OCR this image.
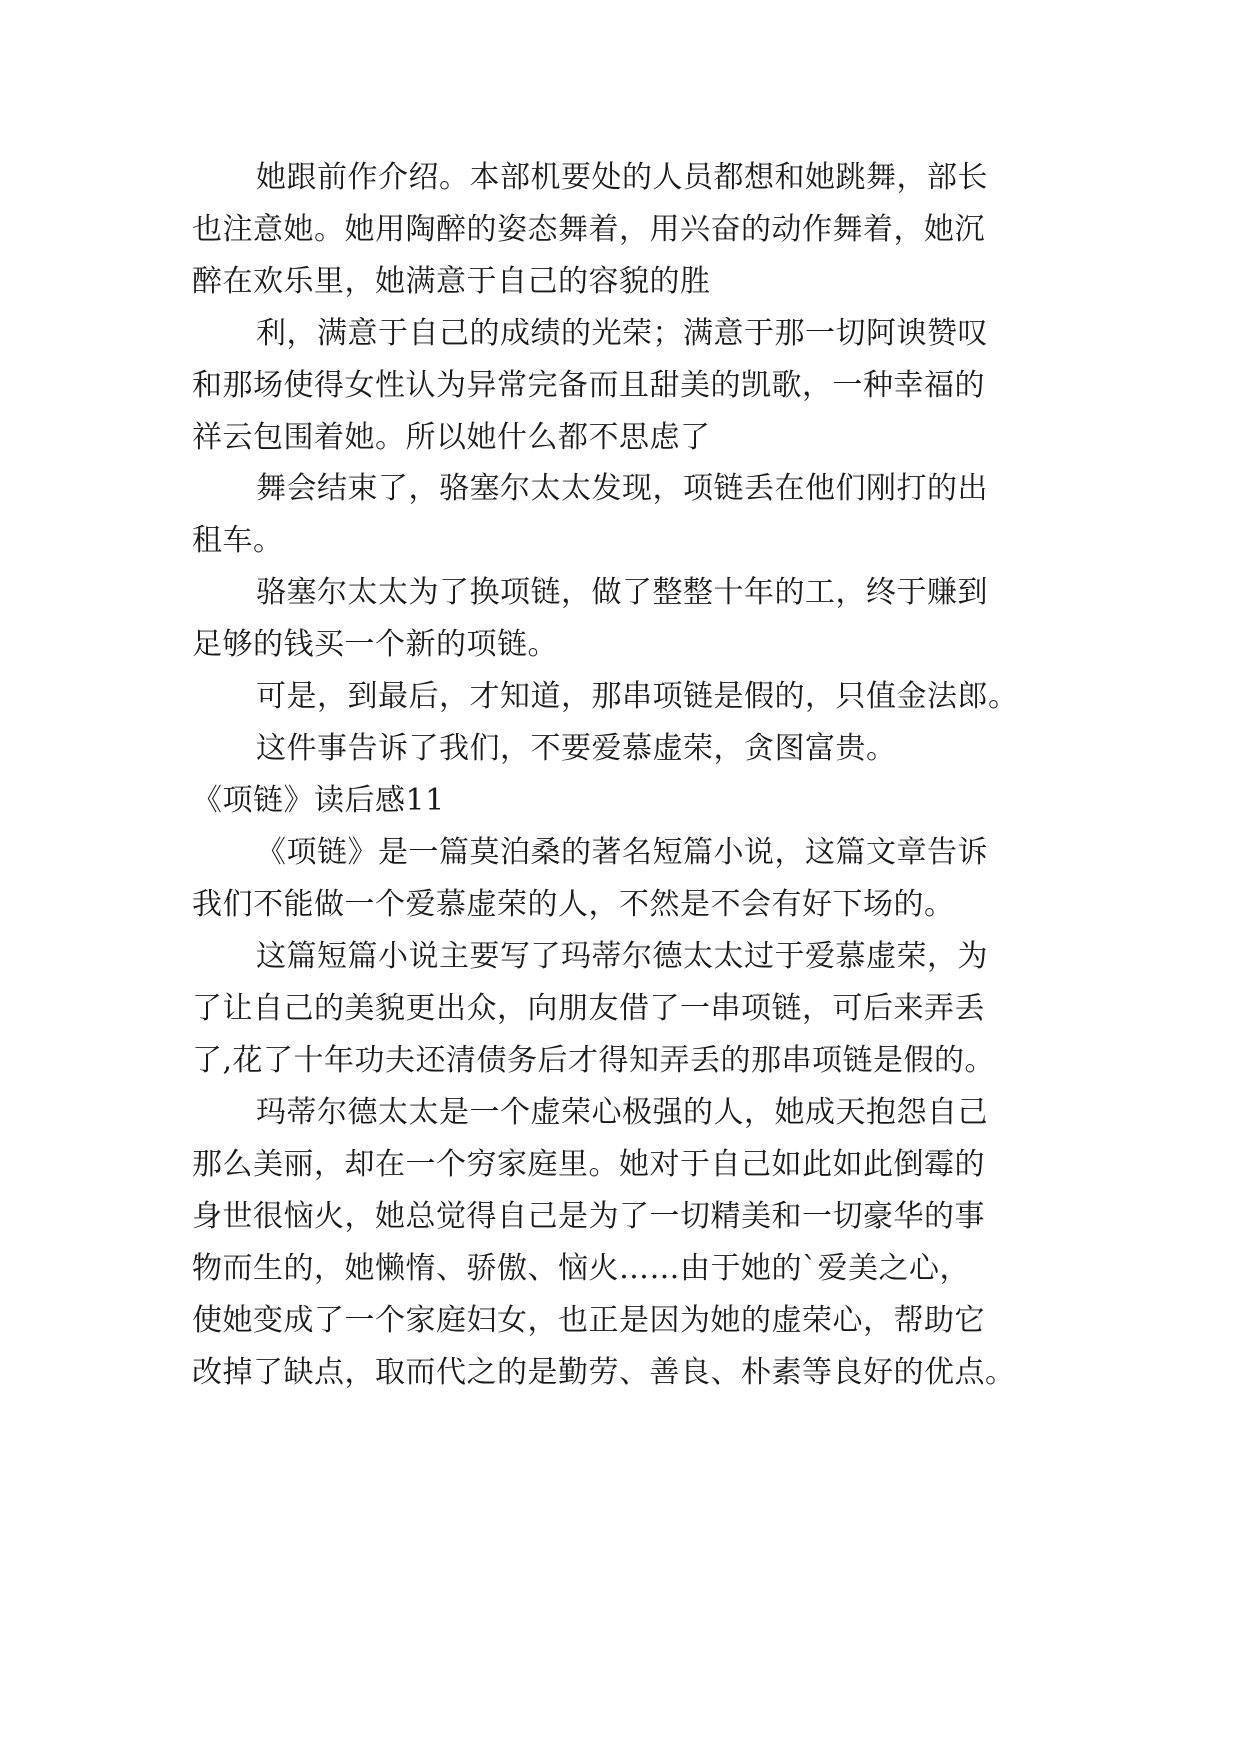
她跟前作介绍。本部机要处的人员都想和她跳舞，部长
也注意她。她用陶醉的姿态舞着，用兴奋的动作舞着，她沉
醉在欢乐里，她满意于自己的容貌的胜
利，满意于自己的成绩的光荣；满意于那一切阿谀赞叹
和那场使得女性认为异常完备而且甜美的凯歌，一种幸福的
祥云包围着她。所以她什么都不思虑了
舞会结束了，骆塞尔太太发现，项链丢在他们刚打的出
租车。
骆塞尔太太为了换项链，做了整整十年的工，终于赚到
足够的钱买一个新的项链。
可是，到最后，才知道，那串项链是假的，只值金法郎。
这件事告诉了我们，不要爱慕虚荣，贪图富贵。
《项链》读后感11
《项链》是一篇莫泊桑的著名短篇小说，这篇文章告诉
我们不能做一个爱慕虚荣的人，不然是不会有好下场的。
这篇短篇小说主要写了玛蒂尔德太太过于爱慕虚荣，为
了让自己的美貌更出众，向朋友借了一串项链，可后来弄丢
了,花了十年功夫还清债务后才得知弄丢的那串项链是假的。
玛蒂尔德太太是一个虚荣心极强的人，她成天抱怨自己
那么美丽，却在一个穷家庭里。她对于自己如此如此倒霉的
身世很恼火，她总觉得自己是为了一切精美和一切豪华的事
物而生的，她懒惰、骄傲、恼火……由于她的`爱美之心，
使她变成了一个家庭妇女，也正是因为她的虚荣心，帮助它
改掉了缺点，取而代之的是勤劳、善良、朴素等良好的优点。
